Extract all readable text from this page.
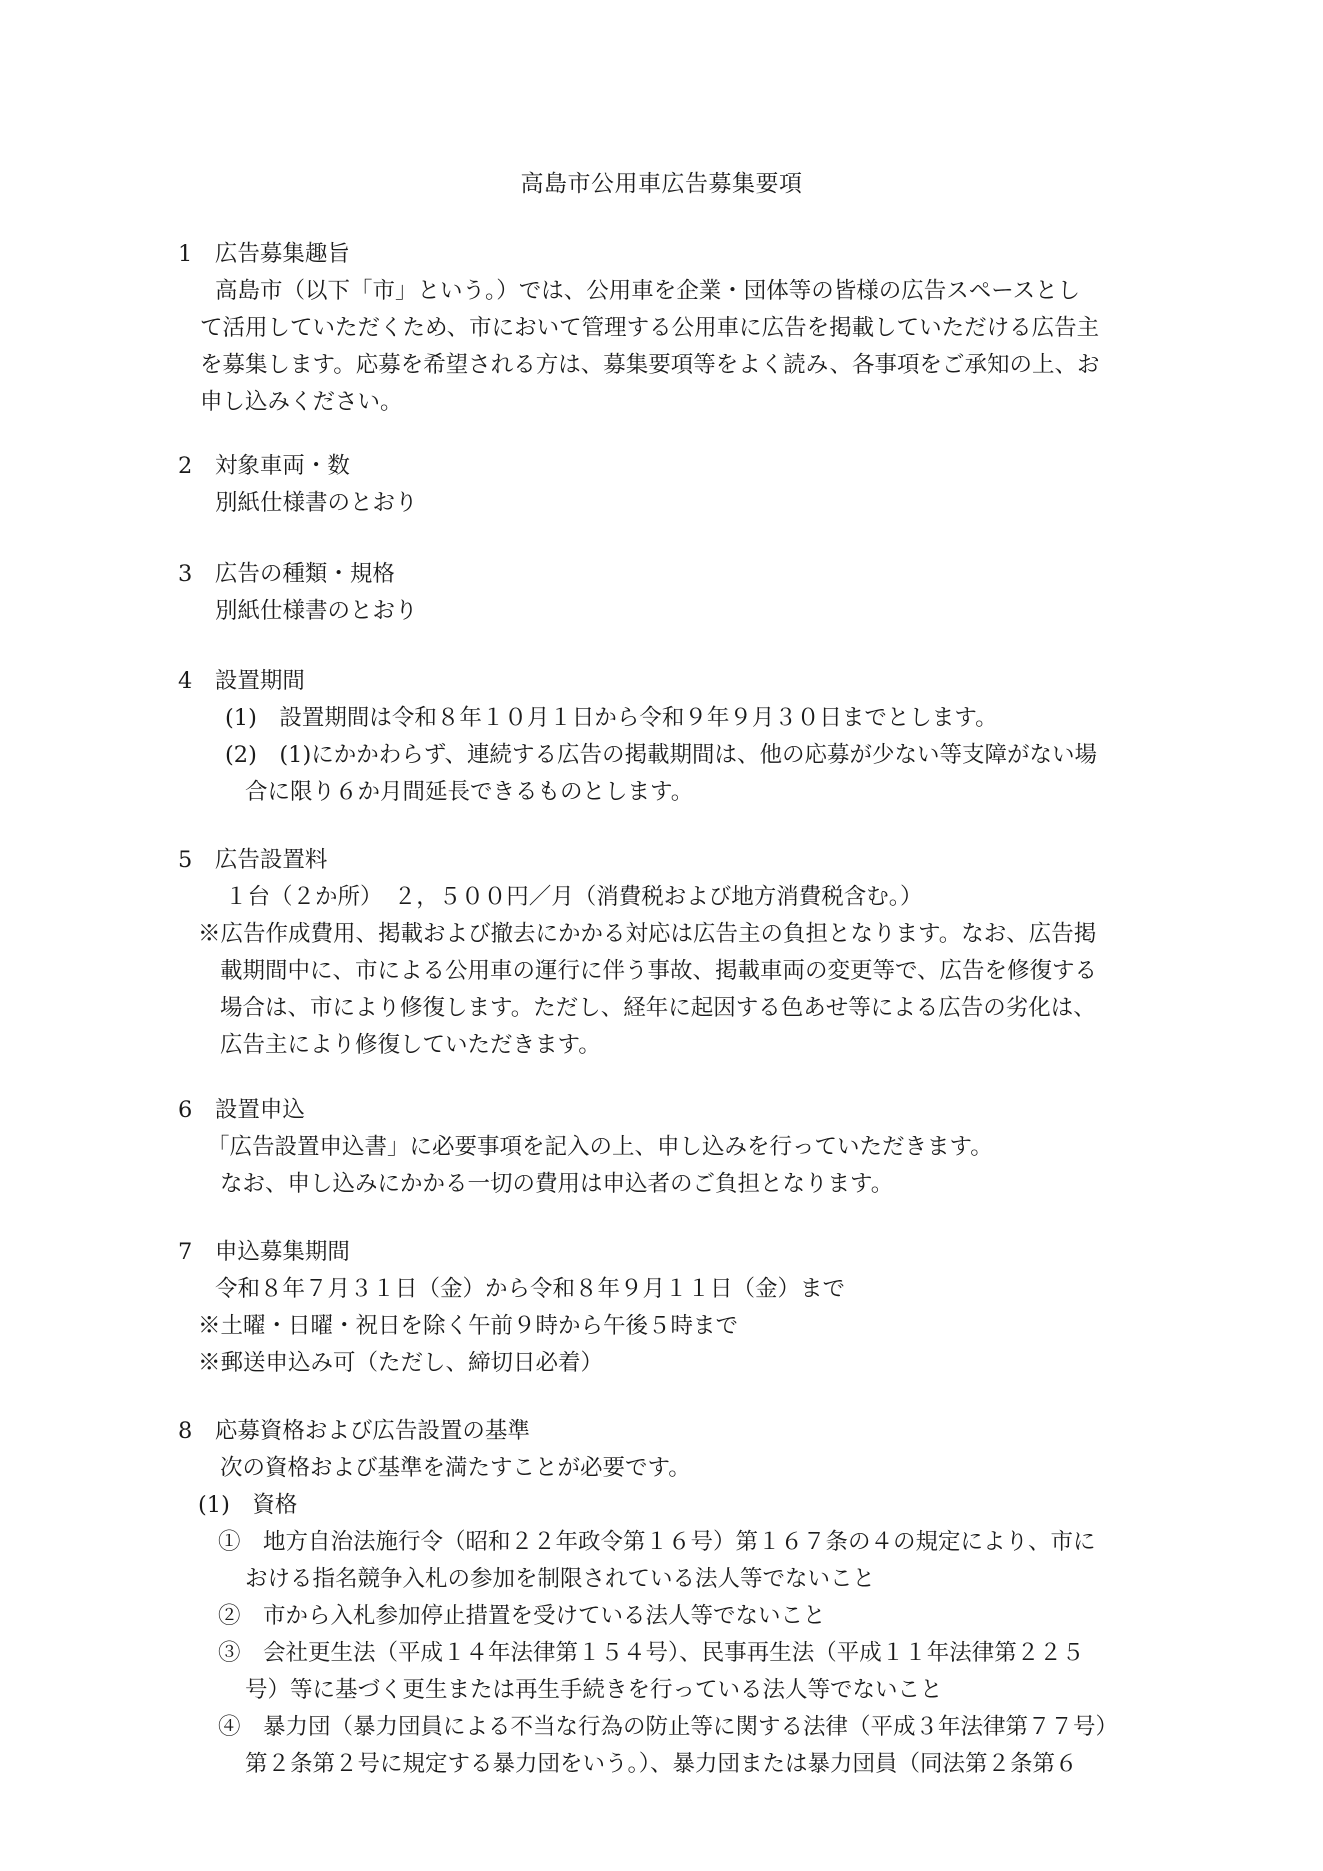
高島市公用車広告募集要項
1　広告募集趣旨
高島市（以下「市」という。）では、公用車を企業・団体等の皆様の広告スペースとし
て活用していただくため、市において管理する公用車に広告を掲載していただける広告主
を募集します。応募を希望される方は、募集要項等をよく読み、各事項をご承知の上、お
申し込みください。
2　対象車両・数
別紙仕様書のとおり
3　広告の種類・規格
別紙仕様書のとおり
4　設置期間
(1)　設置期間は令和８年１０月１日から令和９年９月３０日までとします。
(2)　(1)にかかわらず、連続する広告の掲載期間は、他の応募が少ない等支障がない場
合に限り６か月間延長できるものとします。
5　広告設置料
１台（２か所）　２，５００円／月（消費税および地方消費税含む。）
※広告作成費用、掲載および撤去にかかる対応は広告主の負担となります。なお、広告掲
載期間中に、市による公用車の運行に伴う事故、掲載車両の変更等で、広告を修復する
場合は、市により修復します。ただし、経年に起因する色あせ等による広告の劣化は、
広告主により修復していただきます。
6　設置申込
「広告設置申込書」に必要事項を記入の上、申し込みを行っていただきます。
なお、申し込みにかかる一切の費用は申込者のご負担となります。
7　申込募集期間
令和８年７月３１日（金）から令和８年９月１１日（金）まで
※土曜・日曜・祝日を除く午前９時から午後５時まで
※郵送申込み可（ただし、締切日必着）
8　応募資格および広告設置の基準
次の資格および基準を満たすことが必要です。
(1)　資格
①　地方自治法施行令（昭和２２年政令第１６号）第１６７条の４の規定により、市に
おける指名競争入札の参加を制限されている法人等でないこと
②　市から入札参加停止措置を受けている法人等でないこと
③　会社更生法（平成１４年法律第１５４号）、民事再生法（平成１１年法律第２２５
号）等に基づく更生または再生手続きを行っている法人等でないこと
④　暴力団（暴力団員による不当な行為の防止等に関する法律（平成３年法律第７７号）
第２条第２号に規定する暴力団をいう。）、暴力団または暴力団員（同法第２条第６
